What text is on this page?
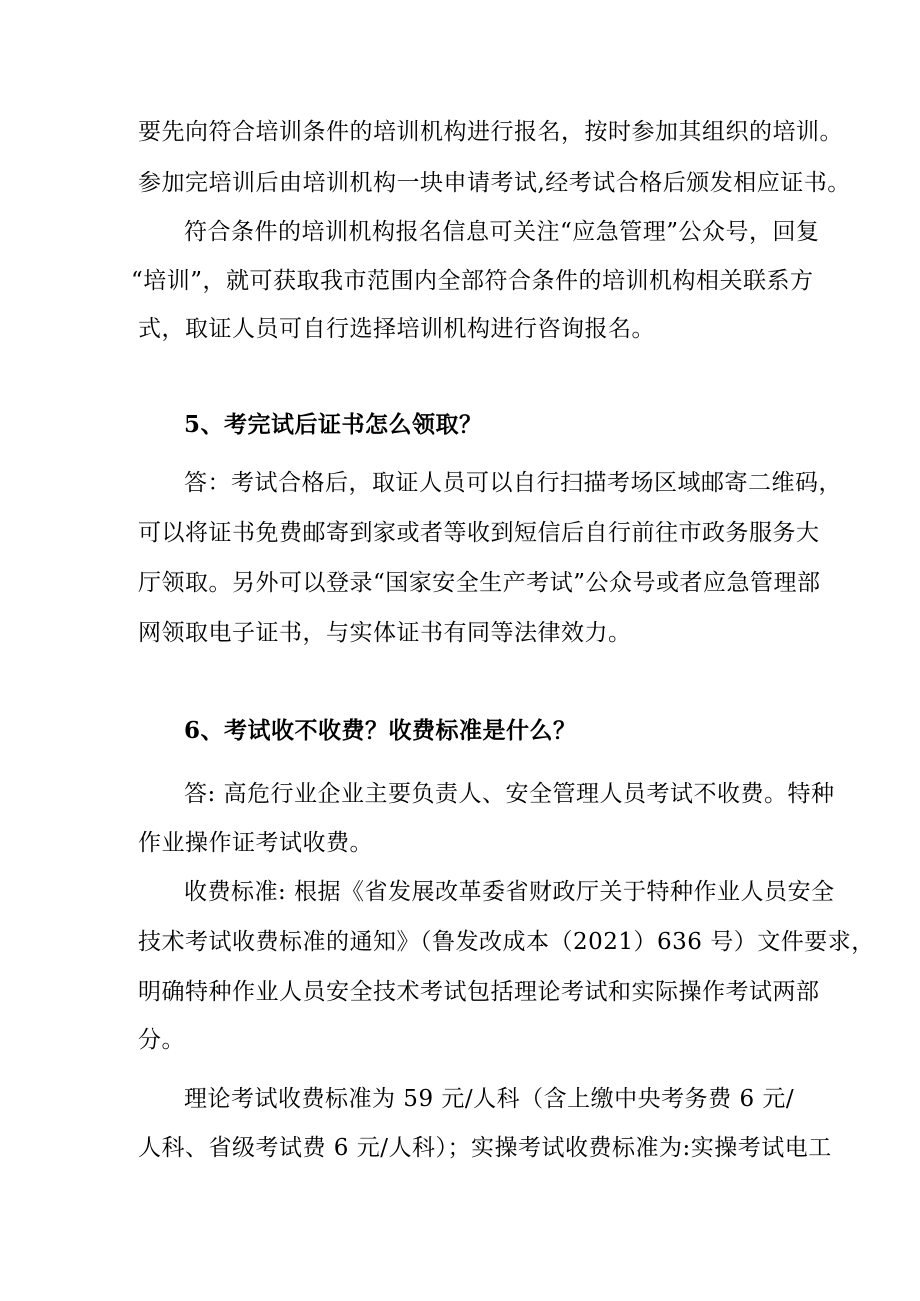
要先向符合培训条件的培训机构进行报名，按时参加其组织的培训。
参加完培训后由培训机构一块申请考试,经考试合格后颁发相应证书。
符合条件的培训机构报名信息可关注“应急管理”公众号，回复
“培训”，就可获取我市范围内全部符合条件的培训机构相关联系方
式，取证人员可自行选择培训机构进行咨询报名。
5、考完试后证书怎么领取？
答：考试合格后，取证人员可以自行扫描考场区域邮寄二维码，
可以将证书免费邮寄到家或者等收到短信后自行前往市政务服务大
厅领取。另外可以登录“国家安全生产考试”公众号或者应急管理部
网领取电子证书，与实体证书有同等法律效力。
6、考试收不收费？收费标准是什么？
答: 高危行业企业主要负责人、安全管理人员考试不收费。特种
作业操作证考试收费。
收费标准: 根据《省发展改革委省财政厅关于特种作业人员安全
技术考试收费标准的通知》（鲁发改成本（2021）636 号）文件要求，
明确特种作业人员安全技术考试包括理论考试和实际操作考试两部
分。
理论考试收费标准为 59 元/人科（含上缴中央考务费 6 元/
人科、省级考试费 6 元/人科）；实操考试收费标准为:实操考试电工
